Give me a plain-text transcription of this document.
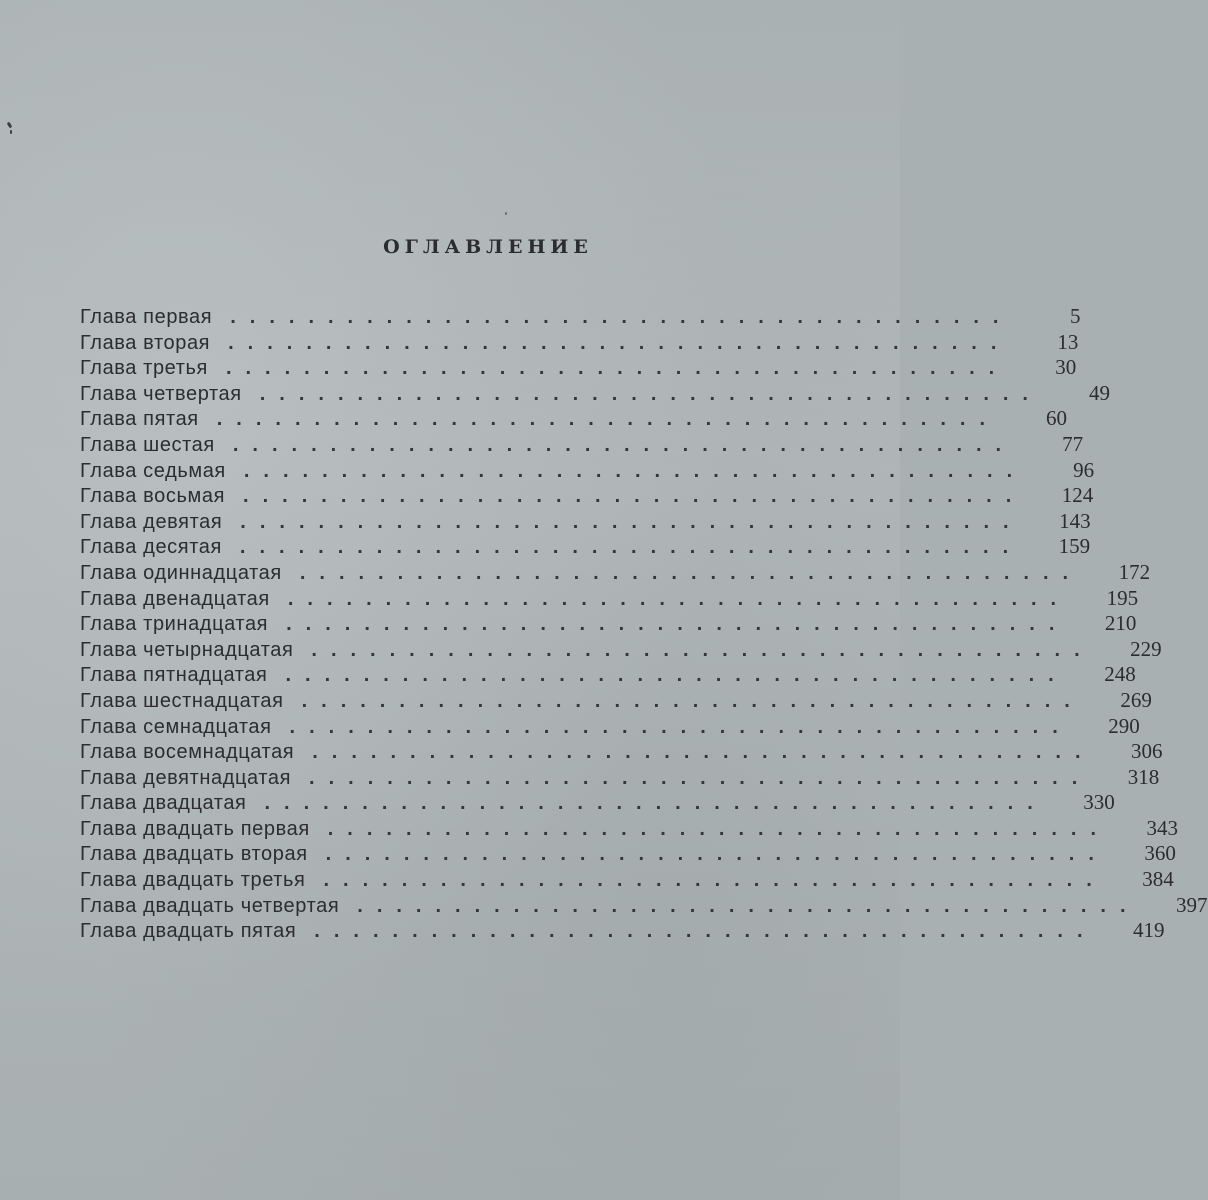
ОГЛАВЛЕНИЕ
Глава первая ........................................	5
Глава вторая ........................................	13
Глава третья ........................................	30
Глава четвертая ........................................	49
Глава пятая ........................................	60
Глава шестая ........................................	77
Глава седьмая ........................................	96
Глава восьмая ........................................	124
Глава девятая ........................................	143
Глава десятая ........................................	159
Глава одиннадцатая ........................................	172
Глава двенадцатая ........................................	195
Глава тринадцатая ........................................	210
Глава четырнадцатая ........................................	229
Глава пятнадцатая ........................................	248
Глава шестнадцатая ........................................	269
Глава семнадцатая ........................................	290
Глава восемнадцатая ........................................	306
Глава девятнадцатая ........................................	318
Глава двадцатая ........................................	330
Глава двадцать первая ........................................	343
Глава двадцать вторая ........................................	360
Глава двадцать третья ........................................	384
Глава двадцать четвертая ........................................	397
Глава двадцать пятая ........................................	419
